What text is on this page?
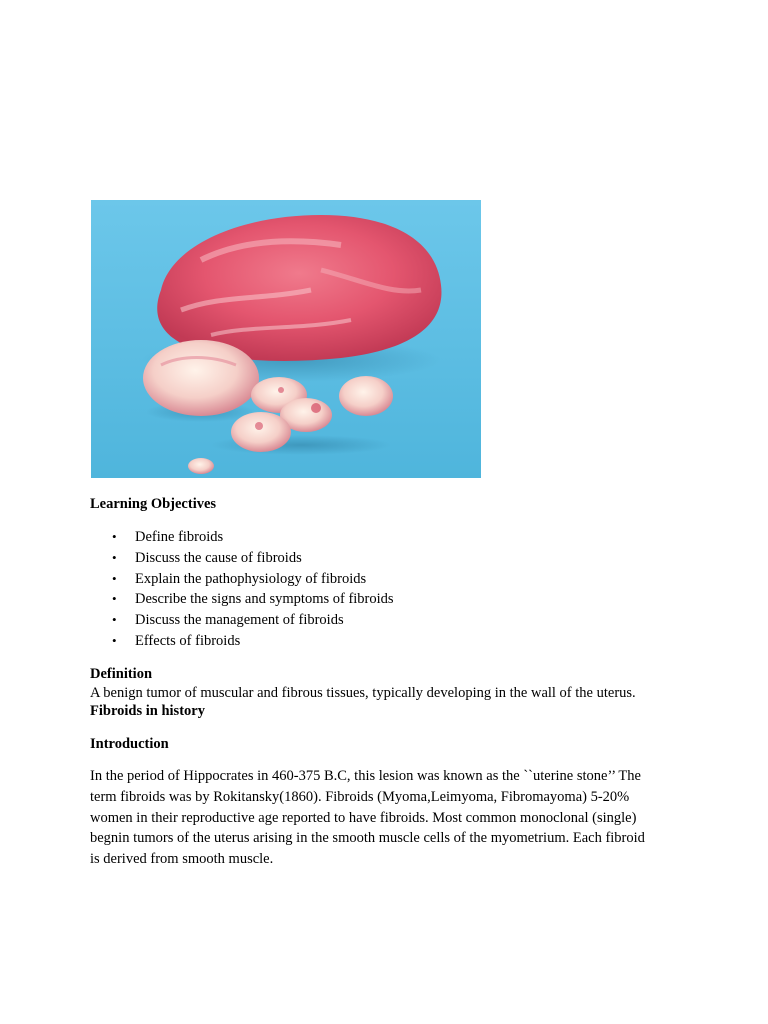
Learning Objectives
• Define fibroids
• Discuss the cause of fibroids
• Explain the pathophysiology of fibroids
• Describe the signs and symptoms of fibroids
• Discuss the management of fibroids
• Effects of fibroids
Definition
A benign tumor of muscular and fibrous tissues, typically developing in the wall of the uterus.
Fibroids in history
Introduction
In the period of Hippocrates in 460-375 B.C, this lesion was known as the ``uterine stone’’ The
term fibroids was by Rokitansky(1860). Fibroids (Myoma,Leimyoma, Fibromayoma) 5-20%
women in their reproductive age reported to have fibroids. Most common monoclonal (single)
begnin tumors of the uterus arising in the smooth muscle cells of the myometrium. Each fibroid
is derived from smooth muscle.
